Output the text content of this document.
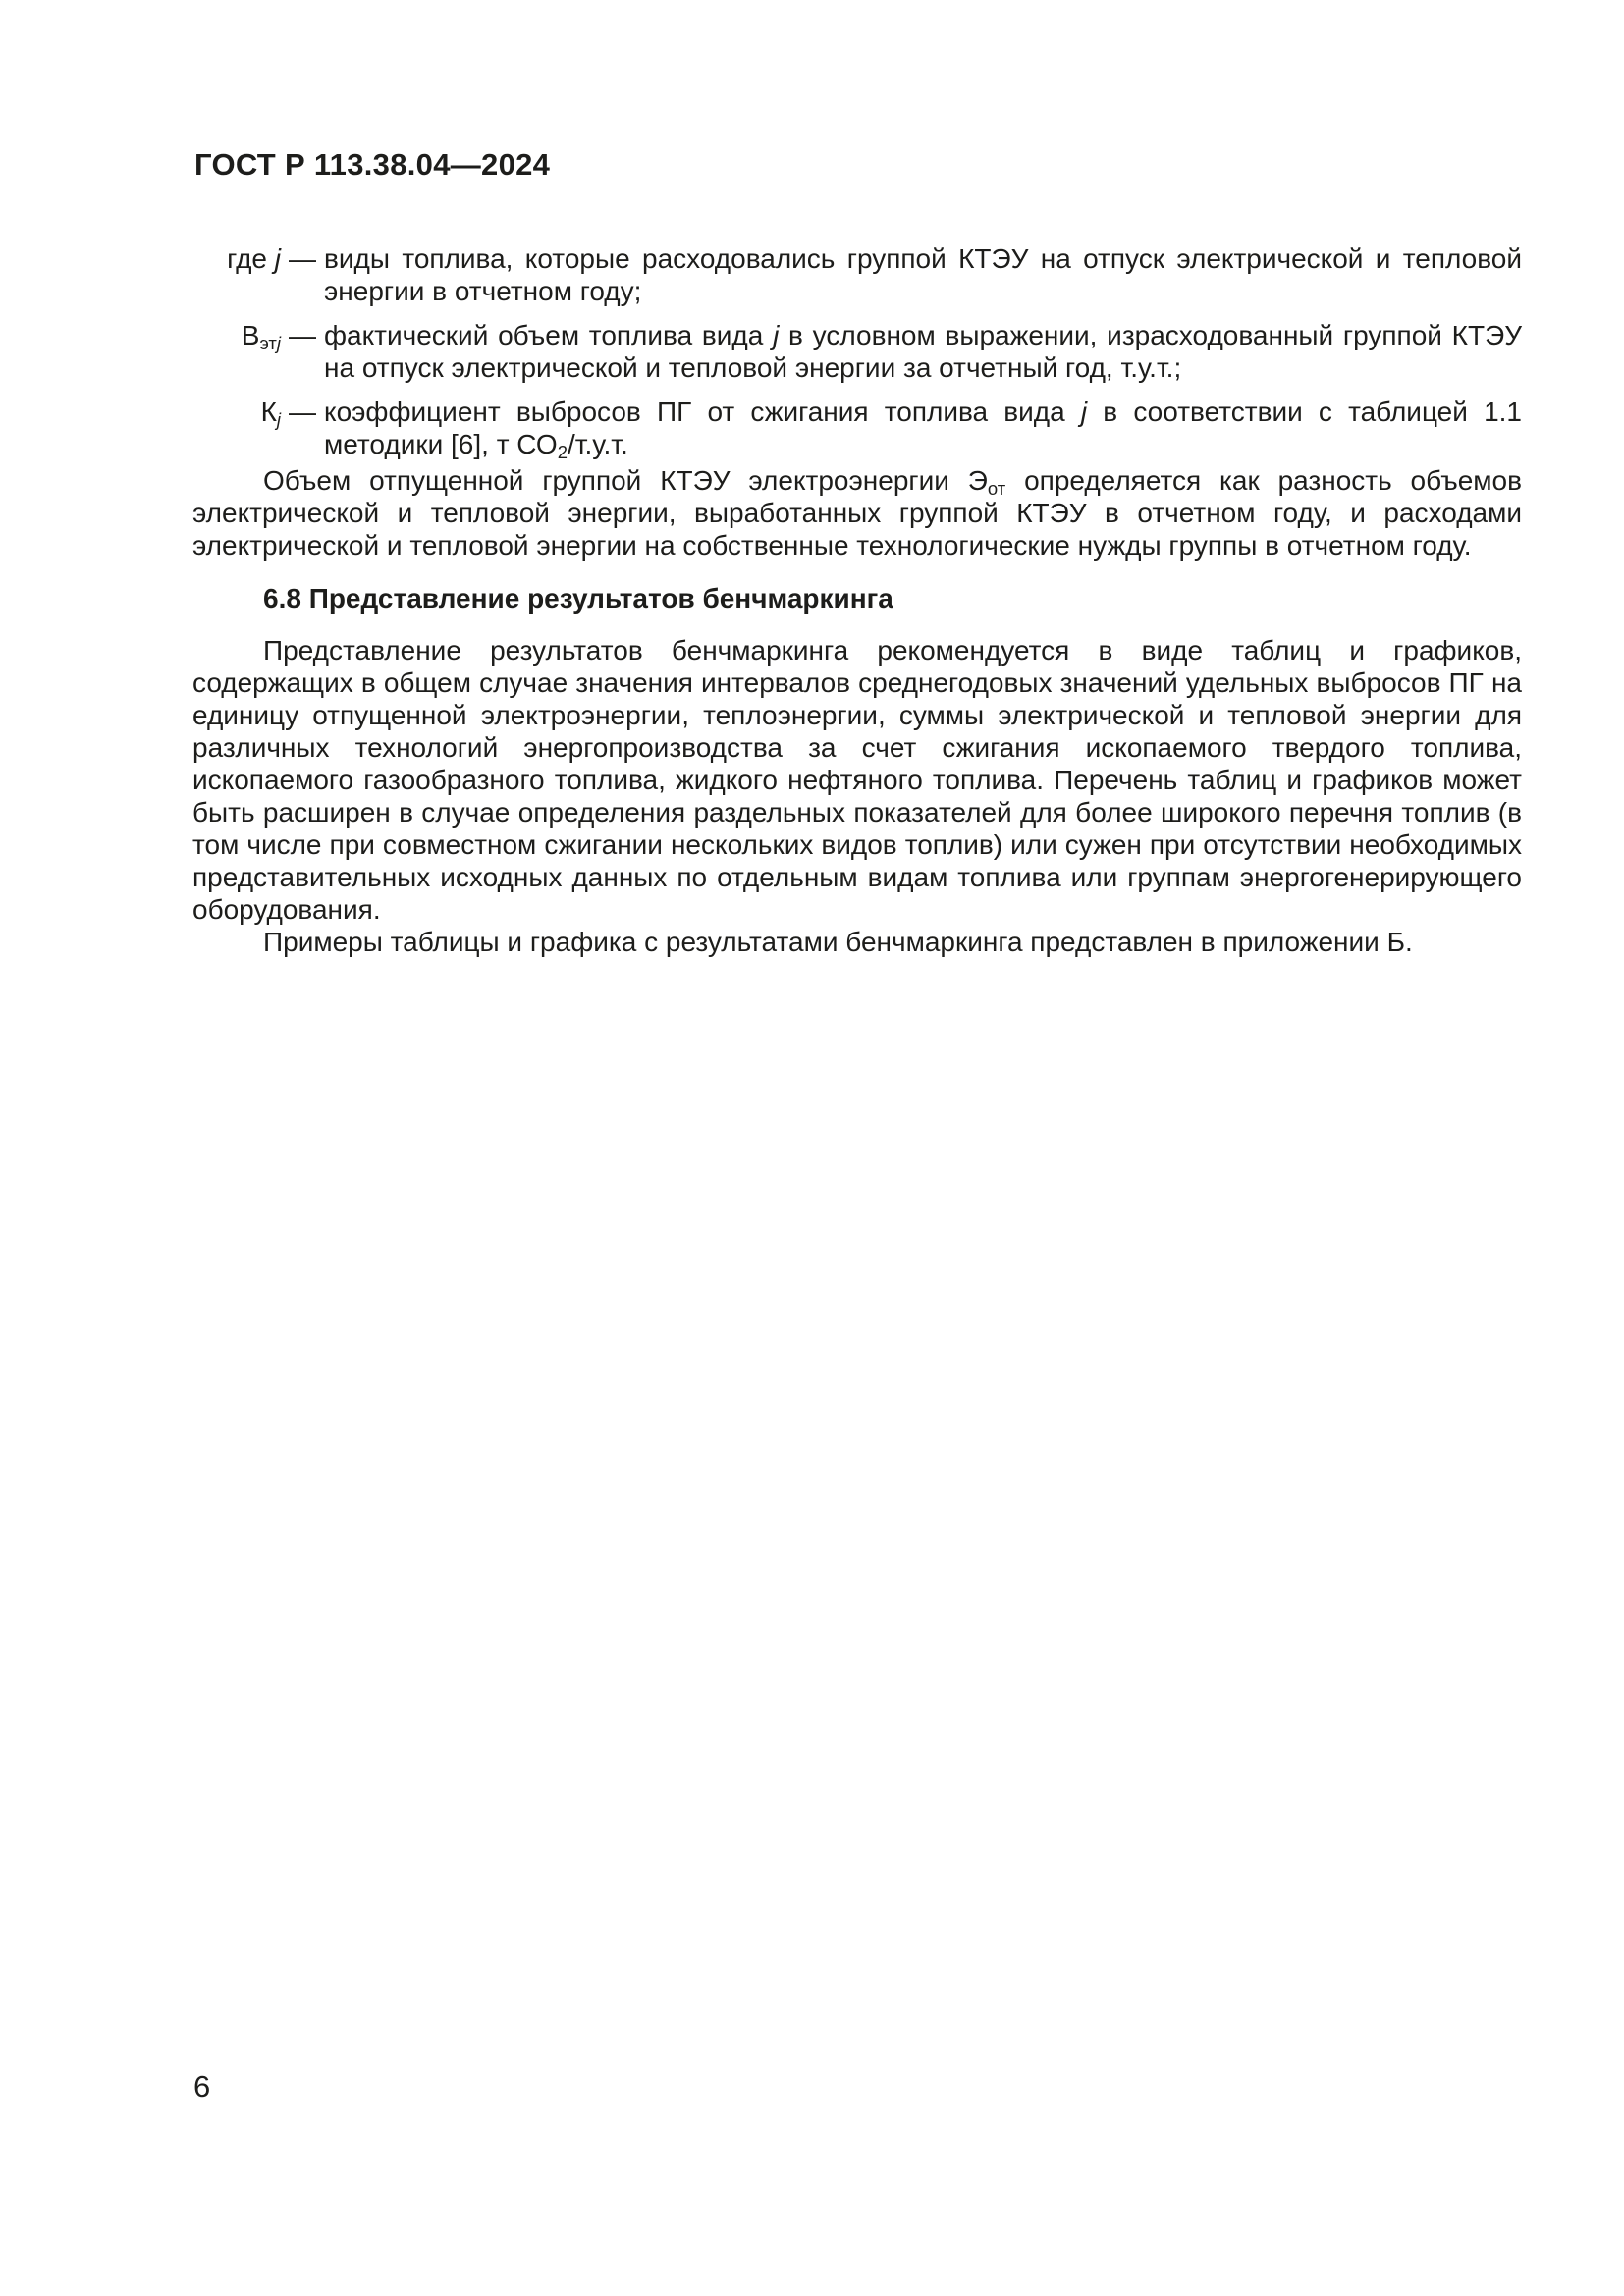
ГОСТ Р 113.38.04—2024
где j — виды топлива, которые расходовались группой КТЭУ на отпуск электрической и тепловой энергии в отчетном году;
Вэтj — фактический объем топлива вида j в условном выражении, израсходованный группой КТЭУ на отпуск электрической и тепловой энергии за отчетный год, т.у.т.;
Кj — коэффициент выбросов ПГ от сжигания топлива вида j в соответствии с таблицей 1.1 методики [6], т СО2/т.у.т.

Объем отпущенной группой КТЭУ электроэнергии Эот определяется как разность объемов электрической и тепловой энергии, выработанных группой КТЭУ в отчетном году, и расходами электрической и тепловой энергии на собственные технологические нужды группы в отчетном году.

6.8 Представление результатов бенчмаркинга

Представление результатов бенчмаркинга рекомендуется в виде таблиц и графиков, содержащих в общем случае значения интервалов среднегодовых значений удельных выбросов ПГ на единицу отпущенной электроэнергии, теплоэнергии, суммы электрической и тепловой энергии для различных технологий энергопроизводства за счет сжигания ископаемого твердого топлива, ископаемого газообразного топлива, жидкого нефтяного топлива. Перечень таблиц и графиков может быть расширен в случае определения раздельных показателей для более широкого перечня топлив (в том числе при совместном сжигании нескольких видов топлив) или сужен при отсутствии необходимых представительных исходных данных по отдельным видам топлива или группам энергогенерирующего оборудования.

Примеры таблицы и графика с результатами бенчмаркинга представлен в приложении Б.

6
